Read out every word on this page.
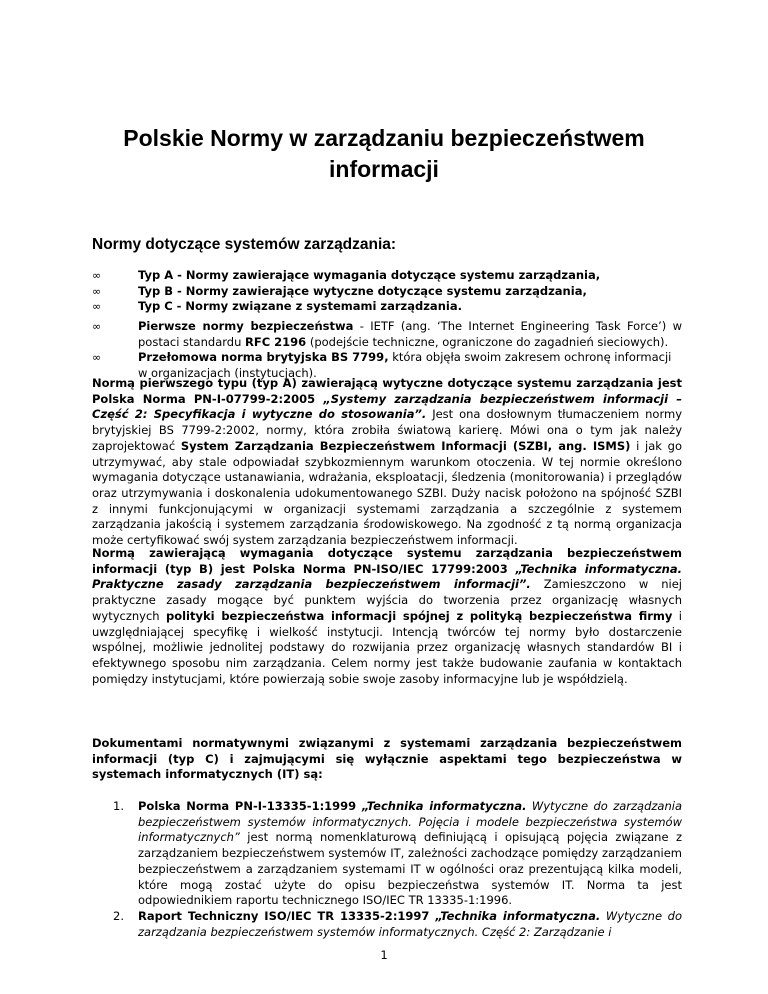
Polskie Normy w zarządzaniu bezpieczeństwem
informacji
Normy dotyczące systemów zarządzania:
∞	Typ A - Normy zawierające wymagania dotyczące systemu zarządzania,
∞	Typ B - Normy zawierające wytyczne dotyczące systemu zarządzania,
∞	Typ C - Normy związane z systemami zarządzania.
∞	Pierwsze normy bezpieczeństwa - IETF (ang. ‘The Internet Engineering Task Force’) w postaci standardu RFC 2196 (podejście techniczne, ograniczone do zagadnień sieciowych).
∞	Przełomowa norma brytyjska BS 7799, która objęła swoim zakresem ochronę informacji w organizacjach (instytucjach).

Normą pierwszego typu (typ A) zawierającą wytyczne dotyczące systemu zarządzania jest Polska Norma PN-I-07799-2:2005 „Systemy zarządzania bezpieczeństwem informacji – Część 2: Specyfikacja i wytyczne do stosowania”. Jest ona dosłownym tłumaczeniem normy brytyjskiej BS 7799-2:2002, normy, która zrobiła światową karierę. Mówi ona o tym jak należy zaprojektować System Zarządzania Bezpieczeństwem Informacji (SZBI, ang. ISMS) i jak go utrzymywać, aby stale odpowiadał szybkozmiennym warunkom otoczenia. W tej normie określono wymagania dotyczące ustanawiania, wdrażania, eksploatacji, śledzenia (monitorowania) i przeglądów oraz utrzymywania i doskonalenia udokumentowanego SZBI. Duży nacisk położono na spójność SZBI z innymi funkcjonującymi w organizacji systemami zarządzania a szczególnie z systemem zarządzania jakością i systemem zarządzania środowiskowego. Na zgodność z tą normą organizacja może certyfikować swój system zarządzania bezpieczeństwem informacji.

Normą zawierającą wymagania dotyczące systemu zarządzania bezpieczeństwem informacji (typ B) jest Polska Norma PN-ISO/IEC 17799:2003 „Technika informatyczna. Praktyczne zasady zarządzania bezpieczeństwem informacji”. Zamieszczono w niej praktyczne zasady mogące być punktem wyjścia do tworzenia przez organizację własnych wytycznych polityki bezpieczeństwa informacji spójnej z polityką bezpieczeństwa firmy i uwzględniającej specyfikę i wielkość instytucji. Intencją twórców tej normy było dostarczenie wspólnej, możliwie jednolitej podstawy do rozwijania przez organizację własnych standardów BI i efektywnego sposobu nim zarządzania. Celem normy jest także budowanie zaufania w kontaktach pomiędzy instytucjami, które powierzają sobie swoje zasoby informacyjne lub je współdzielą.

Dokumentami normatywnymi związanymi z systemami zarządzania bezpieczeństwem informacji (typ C) i zajmującymi się wyłącznie aspektami tego bezpieczeństwa w systemach informatycznych (IT) są:

1. Polska Norma PN-I-13335-1:1999 „Technika informatyczna. Wytyczne do zarządzania bezpieczeństwem systemów informatycznych. Pojęcia i modele bezpieczeństwa systemów informatycznych” jest normą nomenklaturową definiującą i opisującą pojęcia związane z zarządzaniem bezpieczeństwem systemów IT, zależności zachodzące pomiędzy zarządzaniem bezpieczeństwem a zarządzaniem systemami IT w ogólności oraz prezentującą kilka modeli, które mogą zostać użyte do opisu bezpieczeństwa systemów IT. Norma ta jest odpowiednikiem raportu technicznego ISO/IEC TR 13335-1:1996.
2. Raport Techniczny ISO/IEC TR 13335-2:1997 „Technika informatyczna. Wytyczne do zarządzania bezpieczeństwem systemów informatycznych. Część 2: Zarządzanie i
1
